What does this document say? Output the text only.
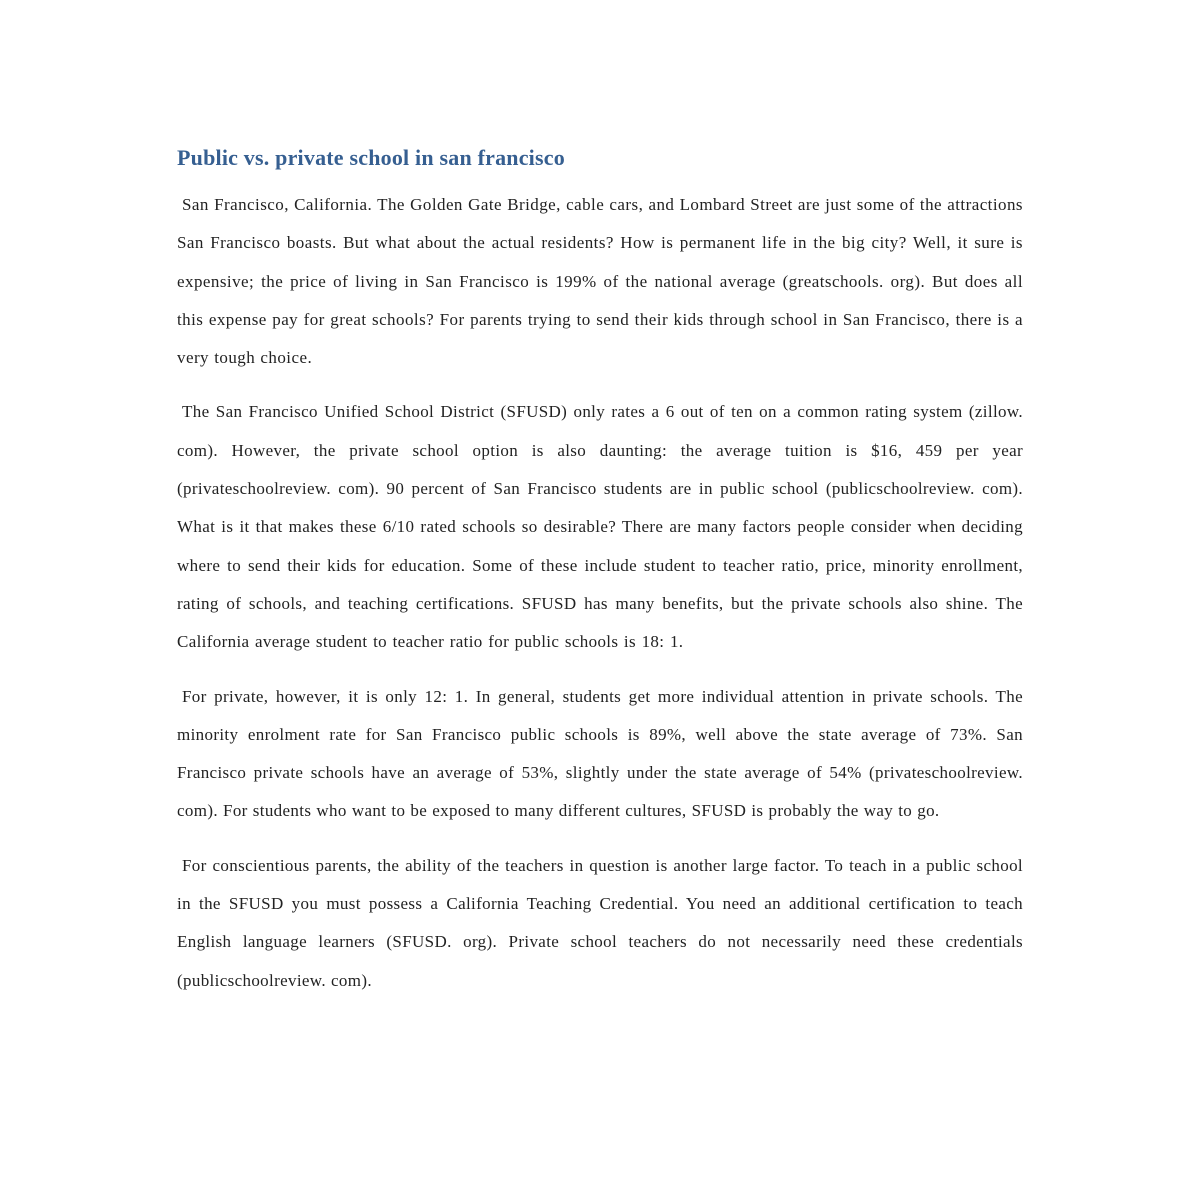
Public vs. private school in san francisco

San Francisco, California. The Golden Gate Bridge, cable cars, and Lombard Street are just some of the attractions San Francisco boasts. But what about the actual residents? How is permanent life in the big city? Well, it sure is expensive; the price of living in San Francisco is 199% of the national average (greatschools. org). But does all this expense pay for great schools? For parents trying to send their kids through school in San Francisco, there is a very tough choice.

The San Francisco Unified School District (SFUSD) only rates a 6 out of ten on a common rating system (zillow. com). However, the private school option is also daunting: the average tuition is $16, 459 per year (privateschoolreview. com). 90 percent of San Francisco students are in public school (publicschoolreview. com). What is it that makes these 6/10 rated schools so desirable? There are many factors people consider when deciding where to send their kids for education. Some of these include student to teacher ratio, price, minority enrollment, rating of schools, and teaching certifications. SFUSD has many benefits, but the private schools also shine. The California average student to teacher ratio for public schools is 18: 1.

For private, however, it is only 12: 1. In general, students get more individual attention in private schools. The minority enrolment rate for San Francisco public schools is 89%, well above the state average of 73%. San Francisco private schools have an average of 53%, slightly under the state average of 54% (privateschoolreview. com). For students who want to be exposed to many different cultures, SFUSD is probably the way to go.

For conscientious parents, the ability of the teachers in question is another large factor. To teach in a public school in the SFUSD you must possess a California Teaching Credential. You need an additional certification to teach English language learners (SFUSD. org). Private school teachers do not necessarily need these credentials (publicschoolreview. com).
